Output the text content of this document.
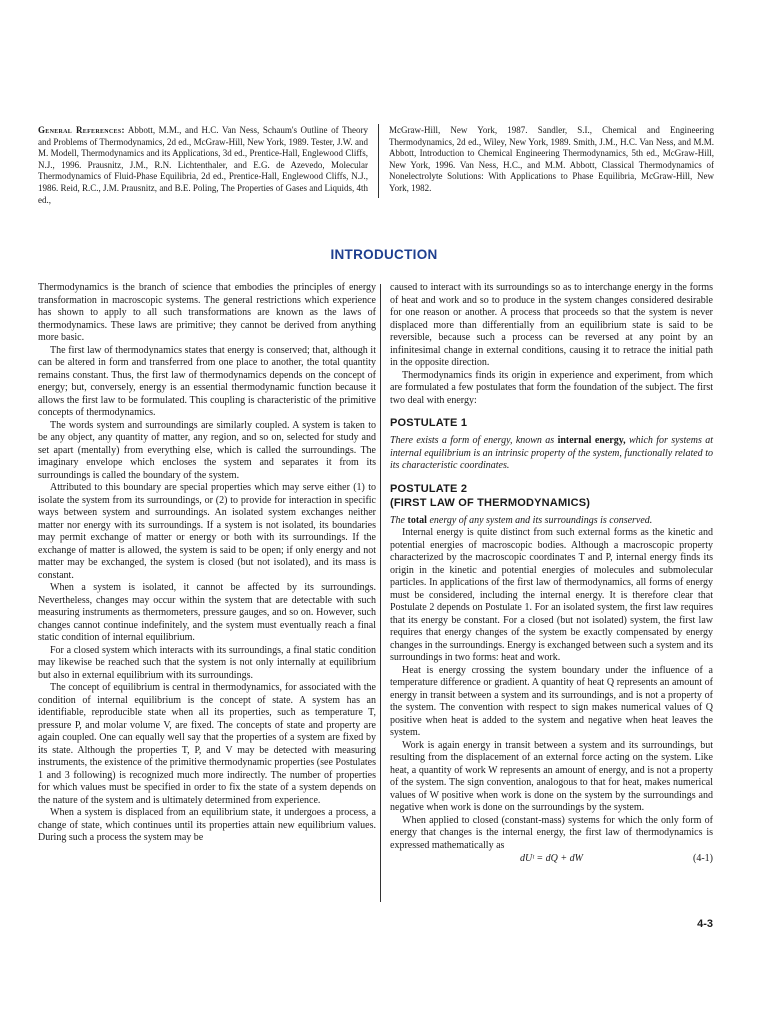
General References: Abbott, M.M., and H.C. Van Ness, Schaum's Outline of Theory and Problems of Thermodynamics, 2d ed., McGraw-Hill, New York, 1989. Tester, J.W. and M. Modell, Thermodynamics and its Applications, 3d ed., Prentice-Hall, Englewood Cliffs, N.J., 1996. Prausnitz, J.M., R.N. Lichtenthaler, and E.G. de Azevedo, Molecular Thermodynamics of Fluid-Phase Equilibria, 2d ed., Prentice-Hall, Englewood Cliffs, N.J., 1986. Reid, R.C., J.M. Prausnitz, and B.E. Poling, The Properties of Gases and Liquids, 4th ed.,
McGraw-Hill, New York, 1987. Sandler, S.I., Chemical and Engineering Thermodynamics, 2d ed., Wiley, New York, 1989. Smith, J.M., H.C. Van Ness, and M.M. Abbott, Introduction to Chemical Engineering Thermodynamics, 5th ed., McGraw-Hill, New York, 1996. Van Ness, H.C., and M.M. Abbott, Classical Thermodynamics of Nonelectrolyte Solutions: With Applications to Phase Equilibria, McGraw-Hill, New York, 1982.
INTRODUCTION

Thermodynamics is the branch of science that embodies the principles of energy transformation in macroscopic systems. The general restrictions which experience has shown to apply to all such transformations are known as the laws of thermodynamics. These laws are primitive; they cannot be derived from anything more basic.

The first law of thermodynamics states that energy is conserved; that, although it can be altered in form and transferred from one place to another, the total quantity remains constant. Thus, the first law of thermodynamics depends on the concept of energy; but, conversely, energy is an essential thermodynamic function because it allows the first law to be formulated. This coupling is characteristic of the primitive concepts of thermodynamics.

The words system and surroundings are similarly coupled. A system is taken to be any object, any quantity of matter, any region, and so on, selected for study and set apart (mentally) from everything else, which is called the surroundings. The imaginary envelope which encloses the system and separates it from its surroundings is called the boundary of the system.

Attributed to this boundary are special properties which may serve either (1) to isolate the system from its surroundings, or (2) to provide for interaction in specific ways between system and surroundings. An isolated system exchanges neither matter nor energy with its surroundings. If a system is not isolated, its boundaries may permit exchange of matter or energy or both with its surroundings. If the exchange of matter is allowed, the system is said to be open; if only energy and not matter may be exchanged, the system is closed (but not isolated), and its mass is constant.

When a system is isolated, it cannot be affected by its surroundings. Nevertheless, changes may occur within the system that are detectable with such measuring instruments as thermometers, pressure gauges, and so on. However, such changes cannot continue indefinitely, and the system must eventually reach a final static condition of internal equilibrium.

For a closed system which interacts with its surroundings, a final static condition may likewise be reached such that the system is not only internally at equilibrium but also in external equilibrium with its surroundings.

The concept of equilibrium is central in thermodynamics, for associated with the condition of internal equilibrium is the concept of state. A system has an identifiable, reproducible state when all its properties, such as temperature T, pressure P, and molar volume V, are fixed. The concepts of state and property are again coupled. One can equally well say that the properties of a system are fixed by its state. Although the properties T, P, and V may be detected with measuring instruments, the existence of the primitive thermodynamic properties (see Postulates 1 and 3 following) is recognized much more indirectly. The number of properties for which values must be specified in order to fix the state of a system depends on the nature of the system and is ultimately determined from experience.

When a system is displaced from an equilibrium state, it undergoes a process, a change of state, which continues until its properties attain new equilibrium values. During such a process the system may be

caused to interact with its surroundings so as to interchange energy in the forms of heat and work and so to produce in the system changes considered desirable for one reason or another. A process that proceeds so that the system is never displaced more than differentially from an equilibrium state is said to be reversible, because such a process can be reversed at any point by an infinitesimal change in external conditions, causing it to retrace the initial path in the opposite direction.

Thermodynamics finds its origin in experience and experiment, from which are formulated a few postulates that form the foundation of the subject. The first two deal with energy:

POSTULATE 1

There exists a form of energy, known as internal energy, which for systems at internal equilibrium is an intrinsic property of the system, functionally related to its characteristic coordinates.

POSTULATE 2
(FIRST LAW OF THERMODYNAMICS)

The total energy of any system and its surroundings is conserved.

Internal energy is quite distinct from such external forms as the kinetic and potential energies of macroscopic bodies. Although a macroscopic property characterized by the macroscopic coordinates T and P, internal energy finds its origin in the kinetic and potential energies of molecules and submolecular particles. In applications of the first law of thermodynamics, all forms of energy must be considered, including the internal energy. It is therefore clear that Postulate 2 depends on Postulate 1. For an isolated system, the first law requires that its energy be constant. For a closed (but not isolated) system, the first law requires that energy changes of the system be exactly compensated by energy changes in the surroundings. Energy is exchanged between such a system and its surroundings in two forms: heat and work.

Heat is energy crossing the system boundary under the influence of a temperature difference or gradient. A quantity of heat Q represents an amount of energy in transit between a system and its surroundings, and is not a property of the system. The convention with respect to sign makes numerical values of Q positive when heat is added to the system and negative when heat leaves the system.

Work is again energy in transit between a system and its surroundings, but resulting from the displacement of an external force acting on the system. Like heat, a quantity of work W represents an amount of energy, and is not a property of the system. The sign convention, analogous to that for heat, makes numerical values of W positive when work is done on the system by the surroundings and negative when work is done on the surroundings by the system.

When applied to closed (constant-mass) systems for which the only form of energy that changes is the internal energy, the first law of thermodynamics is expressed mathematically as

dUᵗ = dQ + dW	(4-1)
4-3
